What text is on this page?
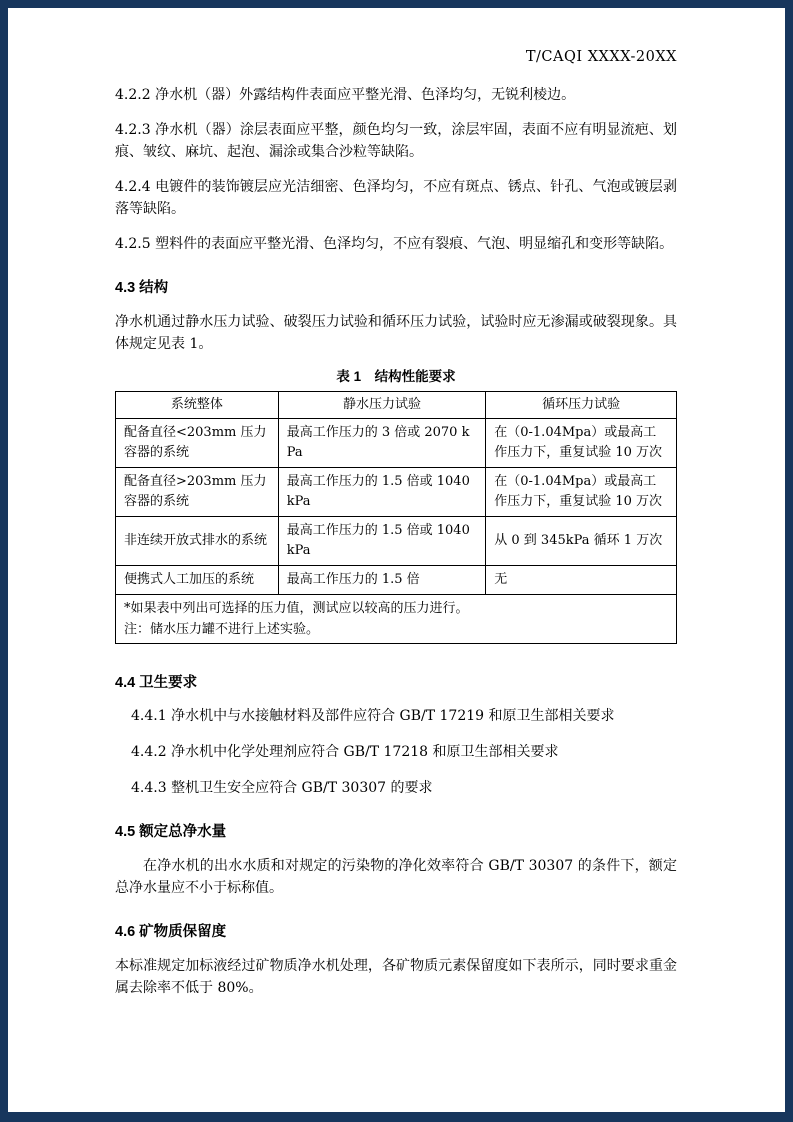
T/CAQI XXXX-20XX

4.2.2 净水机（器）外露结构件表面应平整光滑、色泽均匀，无锐利棱边。

4.2.3 净水机（器）涂层表面应平整，颜色均匀一致，涂层牢固，表面不应有明显流疤、划痕、皱纹、麻坑、起泡、漏涂或集合沙粒等缺陷。

4.2.4 电镀件的装饰镀层应光洁细密、色泽均匀，不应有斑点、锈点、针孔、气泡或镀层剥落等缺陷。

4.2.5 塑料件的表面应平整光滑、色泽均匀，不应有裂痕、气泡、明显缩孔和变形等缺陷。

4.3 结构

净水机通过静水压力试验、破裂压力试验和循环压力试验，试验时应无渗漏或破裂现象。具体规定见表 1。

表 1　结构性能要求
系统整体	静水压力试验	循环压力试验
配备直径<203mm 压力容器的系统	最高工作压力的 3 倍或 2070 kPa	在（0-1.04Mpa）或最高工作压力下，重复试验 10 万次
配备直径>203mm 压力容器的系统	最高工作压力的 1.5 倍或 1040kPa	在（0-1.04Mpa）或最高工作压力下，重复试验 10 万次
非连续开放式排水的系统	最高工作压力的 1.5 倍或 1040kPa	从 0 到 345kPa 循环 1 万次
便携式人工加压的系统	最高工作压力的 1.5 倍	无

*如果表中列出可选择的压力值，测试应以较高的压力进行。
注：储水压力罐不进行上述实验。		
4.4 卫生要求

4.4.1 净水机中与水接触材料及部件应符合 GB/T 17219 和原卫生部相关要求

4.4.2 净水机中化学处理剂应符合 GB/T 17218 和原卫生部相关要求

4.4.3 整机卫生安全应符合 GB/T 30307 的要求

4.5 额定总净水量

在净水机的出水水质和对规定的污染物的净化效率符合 GB/T 30307 的条件下，额定总净水量应不小于标称值。

4.6 矿物质保留度

本标准规定加标液经过矿物质净水机处理，各矿物质元素保留度如下表所示，同时要求重金属去除率不低于 80%。
